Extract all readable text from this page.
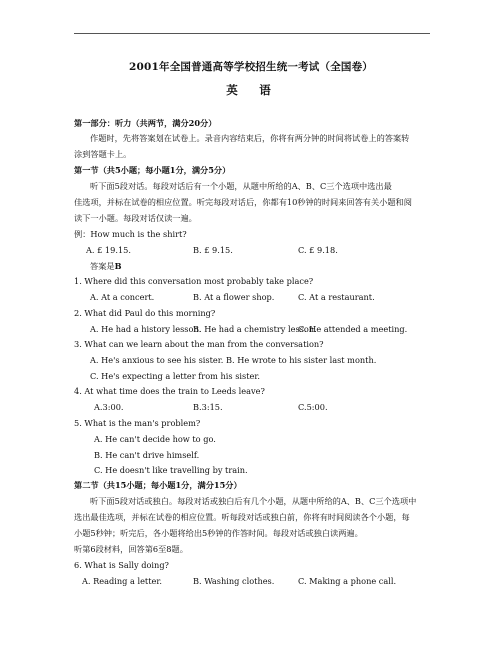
2001年全国普通高等学校招生统一考试（全国卷）
英　语
第一部分：听力（共两节，满分20分）
作题时，先将答案划在试卷上。录音内容结束后，你将有两分钟的时间将试卷上的答案转
涂到答题卡上。
第一节（共5小题；每小题1分，满分5分）
听下面5段对话。每段对话后有一个小题，从题中所给的A、B、C三个选项中选出最
佳选项，并标在试卷的相应位置。听完每段对话后，你都有10秒钟的时间来回答有关小题和阅
读下一小题。每段对话仅读一遍。
例：How much is the shirt?
A. £ 19.15.	B. £ 9.15.	C. £ 9.18.
答案是B
1. Where did this conversation most probably take place?
A. At a concert.	B. At a flower shop.	C. At a restaurant.
2. What did Paul do this morning?
A. He had a history lesson.
B. He had a chemistry lesson.
C. He attended a meeting.
3. What can we learn about the man from the conversation?
A. He's anxious to see his sister. B. He wrote to his sister last month.
C. He's expecting a letter from his sister.
4. At what time does the train to Leeds leave?
A.3:00.	B.3:15.	C.5:00.
5. What is the man's problem?
A. He can't decide how to go.
B. He can't drive himself.
C. He doesn't like travelling by train.
第二节（共15小题；每小题1分，满分15分）
听下面5段对话或独白。每段对话或独白后有几个小题，从题中所给的A、B、C三个选项中
选出最佳选项，并标在试卷的相应位置。听每段对话或独白前，你将有时间阅读各个小题，每
小题5秒钟；听完后，各小题将给出5秒钟的作答时间。每段对话或独白读两遍。
听第6段材料，回答第6至8题。
6. What is Sally doing?
A. Reading a letter.	B. Washing clothes.	C. Making a phone call.
